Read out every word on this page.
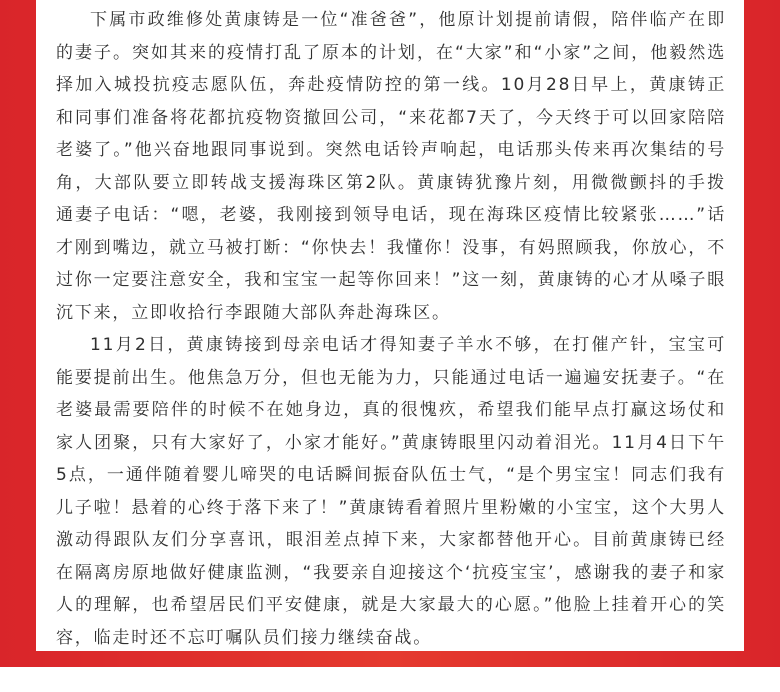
下属市政维修处黄康铸是一位“准爸爸”，他原计划提前请假，陪伴临产在即的妻子。突如其来的疫情打乱了原本的计划，在“大家”和“小家”之间，他毅然选择加入城投抗疫志愿队伍，奔赴疫情防控的第一线。10月28日早上，黄康铸正和同事们准备将花都抗疫物资撤回公司，“来花都7天了，今天终于可以回家陪陪老婆了。”他兴奋地跟同事说到。突然电话铃声响起，电话那头传来再次集结的号角，大部队要立即转战支援海珠区第2队。黄康铸犹豫片刻，用微微颤抖的手拨通妻子电话：“嗯，老婆，我刚接到领导电话，现在海珠区疫情比较紧张……”话才刚到嘴边，就立马被打断：“你快去！我懂你！没事，有妈照顾我，你放心，不过你一定要注意安全，我和宝宝一起等你回来！”这一刻，黄康铸的心才从嗓子眼沉下来，立即收拾行李跟随大部队奔赴海珠区。

11月2日，黄康铸接到母亲电话才得知妻子羊水不够，在打催产针，宝宝可能要提前出生。他焦急万分，但也无能为力，只能通过电话一遍遍安抚妻子。“在老婆最需要陪伴的时候不在她身边，真的很愧疚，希望我们能早点打赢这场仗和家人团聚，只有大家好了，小家才能好。”黄康铸眼里闪动着泪光。11月4日下午5点，一通伴随着婴儿啼哭的电话瞬间振奋队伍士气，“是个男宝宝！同志们我有儿子啦！悬着的心终于落下来了！”黄康铸看着照片里粉嫩的小宝宝，这个大男人激动得跟队友们分享喜讯，眼泪差点掉下来，大家都替他开心。目前黄康铸已经在隔离房原地做好健康监测，“我要亲自迎接这个‘抗疫宝宝’，感谢我的妻子和家人的理解，也希望居民们平安健康，就是大家最大的心愿。”他脸上挂着开心的笑容，临走时还不忘叮嘱队员们接力继续奋战。
